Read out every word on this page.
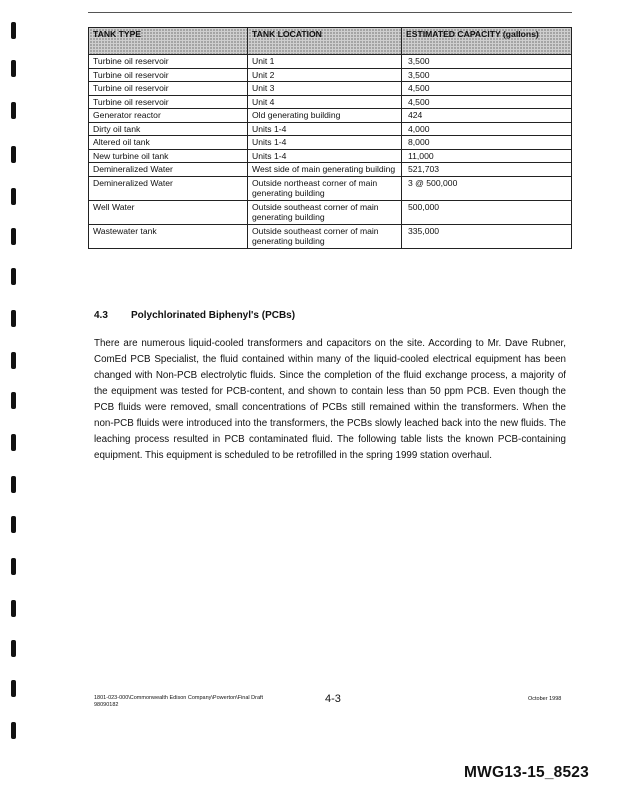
TANK TYPE	TANK LOCATION	ESTIMATED CAPACITY (gallons)
Turbine oil reservoir	Unit 1	3,500
Turbine oil reservoir	Unit 2	3,500
Turbine oil reservoir	Unit 3	4,500
Turbine oil reservoir	Unit 4	4,500
Generator reactor	Old generating building	424
Dirty oil tank	Units 1-4	4,000
Altered oil tank	Units 1-4	8,000
New turbine oil tank	Units 1-4	11,000
Demineralized Water	West side of main generating building	521,703
Demineralized Water	Outside northeast corner of main generating building	3 @ 500,000
Well Water	Outside southeast corner of main generating building	500,000
Wastewater tank	Outside southeast corner of main generating building	335,000
4.3 Polychlorinated Biphenyl's (PCBs)
There are numerous liquid-cooled transformers and capacitors on the site. According to Mr. Dave Rubner, ComEd PCB Specialist, the fluid contained within many of the liquid-cooled electrical equipment has been changed with Non-PCB electrolytic fluids. Since the completion of the fluid exchange process, a majority of the equipment was tested for PCB-content, and shown to contain less than 50 ppm PCB. Even though the PCB fluids were removed, small concentrations of PCBs still remained within the transformers. When the non-PCB fluids were introduced into the transformers, the PCBs slowly leached back into the new fluids. The leaching process resulted in PCB contaminated fluid. The following table lists the known PCB-containing equipment. This equipment is scheduled to be retrofilled in the spring 1999 station overhaul.
1801-023-000\Commonwealth Edison Company\Powerton\Final Draft
98090182	4-3	October 1998
MWG13-15_8523
